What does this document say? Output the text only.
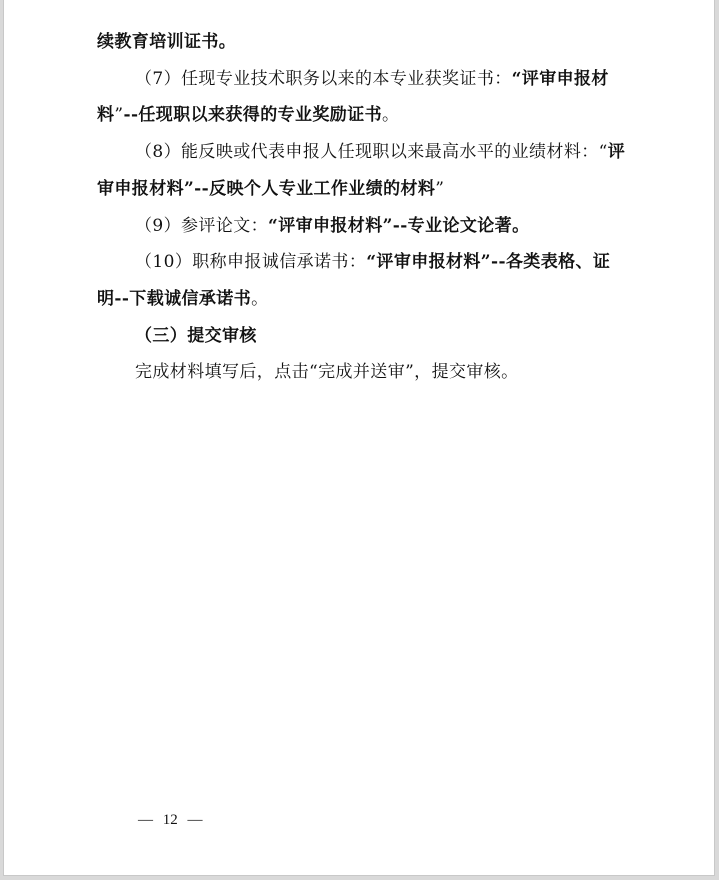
续教育培训证书。

（7）任现专业技术职务以来的本专业获奖证书：“评审申报材料”--任现职以来获得的专业奖励证书。

（8）能反映或代表申报人任现职以来最高水平的业绩材料：“评审申报材料”--反映个人专业工作业绩的材料”

（9）参评论文：“评审申报材料”--专业论文论著。

（10）职称申报诚信承诺书：“评审申报材料”--各类表格、证明--下载诚信承诺书。

（三）提交审核

完成材料填写后，点击“完成并送审”，提交审核。

— 12 —
